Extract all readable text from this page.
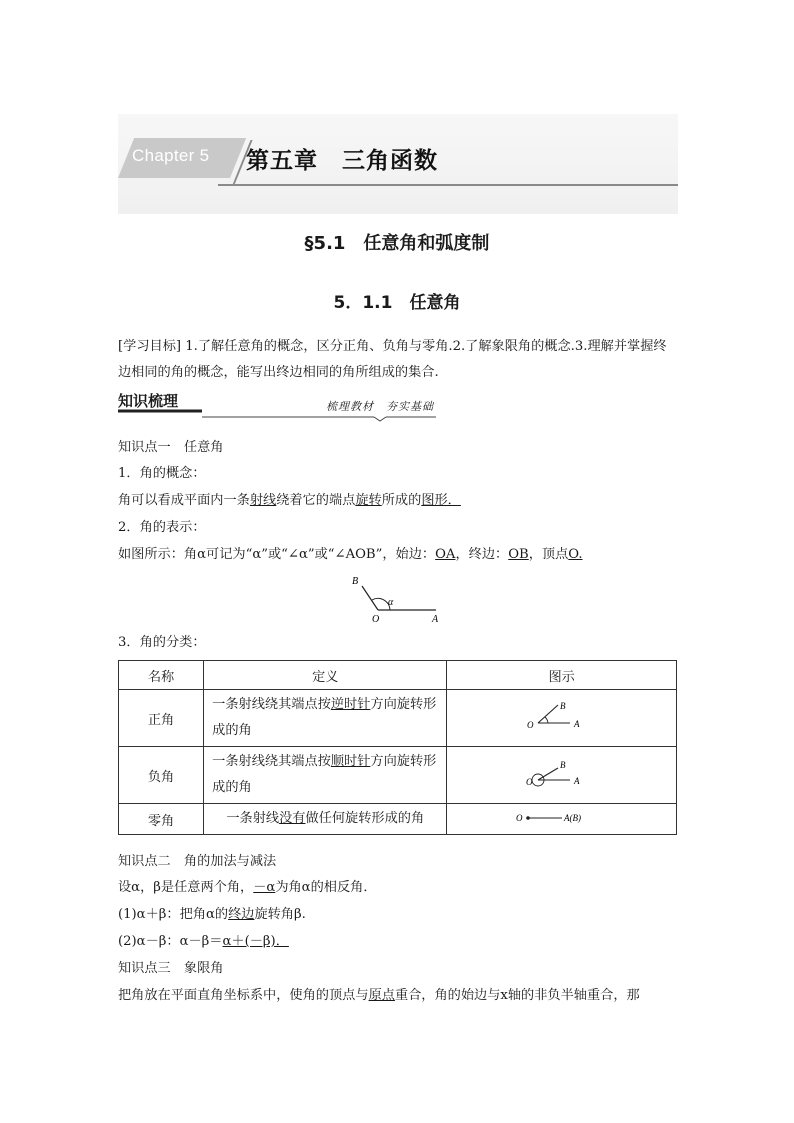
Chapter 5 第五章　三角函数
§5.1　任意角和弧度制
5．1.1　任意角
[学习目标] 1.了解任意角的概念，区分正角、负角与零角.2.了解象限角的概念.3.理解并掌握终边相同的角的概念，能写出终边相同的角所组成的集合.
知识梳理	梳理教材　夯实基础
知识点一　任意角
1．角的概念：
角可以看成平面内一条射线绕着它的端点旋转所成的图形．
2．角的表示：
如图所示：角α可记为“α”或“∠α”或“∠AOB”，始边：OA，终边：OB，顶点O.
B
α
O	A
3．角的分类：
名称	定义	图示
正角	一条射线绕其端点按逆时针方向旋转形成的角	O
B
A

负角	一条射线绕其端点按顺时针方向旋转形成的角	O
B
A

零角	一条射线没有做任何旋转形成的角	O A(B)
知识点二　角的加法与减法
设α，β是任意两个角，－α为角α的相反角．
(1)α＋β：把角α的终边旋转角β.
(2)α－β：α－β＝α＋(－β)．
知识点三　象限角
把角放在平面直角坐标系中，使角的顶点与原点重合，角的始边与x轴的非负半轴重合，那
